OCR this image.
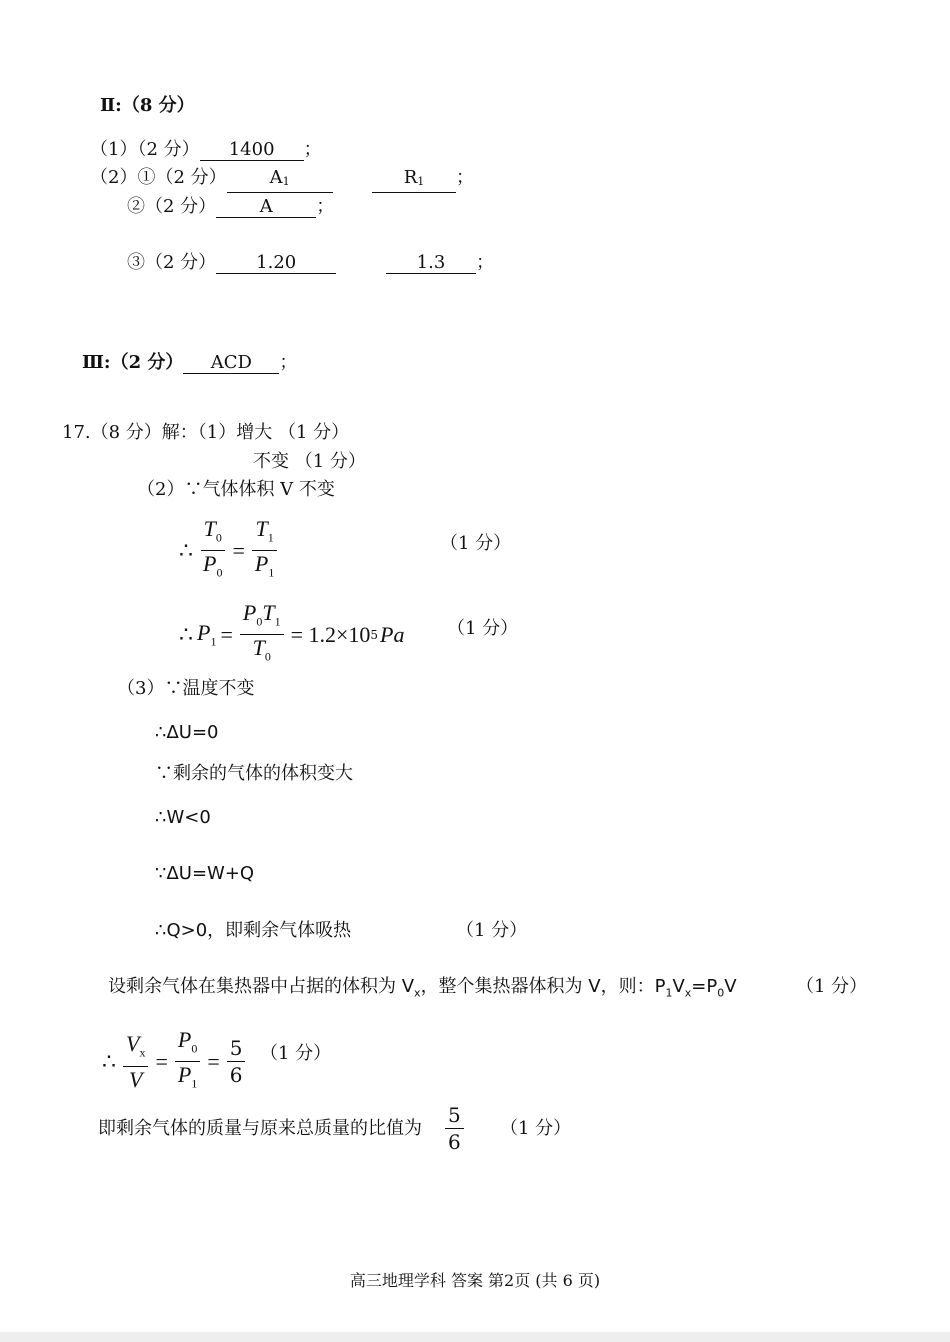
Ⅱ:（8 分）
（1）（2 分） 1400 ；
（2）①（2 分） $A_1$	$R_1$ ；
②（2 分） A ；
③（2 分） 1.20	1.3 ；
Ⅲ:（2 分） ACD ；
17.（8 分）解：（1）增大 （1 分）
不变 （1 分）
（2）∵气体体积 V 不变
∴ $\frac{T_0}{P_0} = \frac{T_1}{P_1}$	（1 分）
∴ $P_1 = \frac{P_0T_1}{T_0} = 1.2\times 10$ 5 Pa （1 分）
（3）∵温度不变
∴ΔU=0
∵剩余的气体的体积变大
∴W<0
∵ΔU=W+Q
∴Q>0，即剩余气体吸热	（1 分）
设剩余气体在集热器中占据的体积为 $V_x$，整个集热器体积为 V，则：$P_1V_x=P_0V$	（1 分）
∴ $\frac{V_x}{V} = \frac{P_0}{P_1} = \frac{5}{6} (1$ 分）
即剩余气体的质量与原来总质量的比值为 $\frac{5}{6} (1$ 分）
高三地理学科 答案 第2页 (共 6 页)
